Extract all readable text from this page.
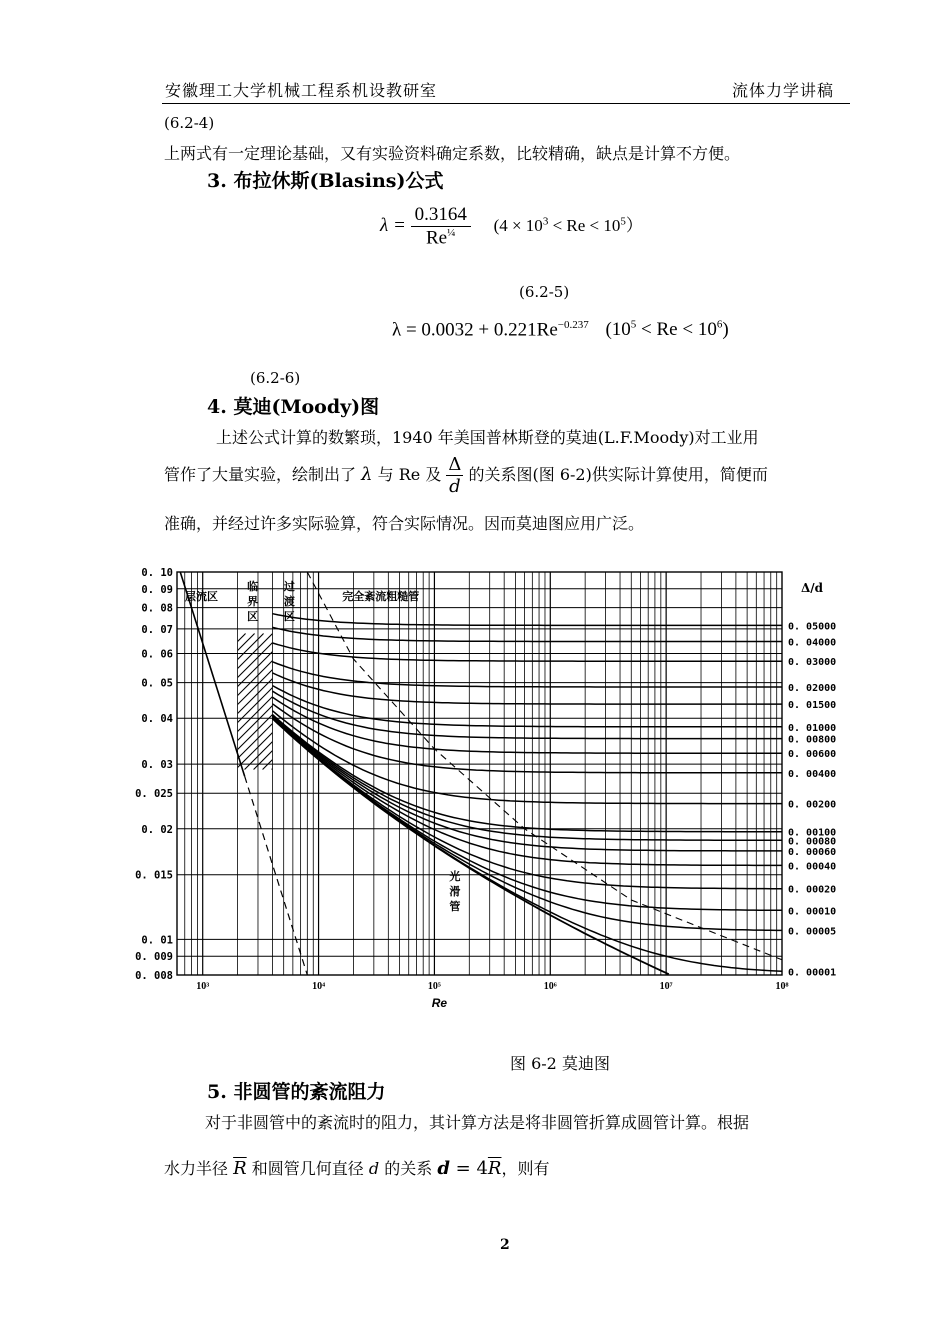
安徽理工大学机械工程系机设教研室	流体力学讲稿
(6.2-4)
上两式有一定理论基础，又有实验资料确定系数，比较精确，缺点是计算不方便。
3. 布拉休斯(Blasins)公式
$\lambda = \frac{0.3164}{Re^{\frac{1}{4}}} (4 \times 10^3 < Re < 10^5)$
(6.2-5)
$\lambda = 0.0032 + 0.221Re^{-0.237}$ $(10^5 < Re < 10^6)$
(6.2-6)
4. 莫迪(Moody)图
上述公式计算的数繁琐，1940 年美国普林斯登的莫迪(L.F.Moody)对工业用
管作了大量实验，绘制出了 λ 与 Re 及 $\frac{\Delta}{d}$ 的关系图(图 6-2)供实际计算使用，简便而
准确，并经过许多实际验算，符合实际情况。因而莫迪图应用广泛。
0. 10
0. 09
0. 08
0. 07
0. 06
0. 05
0. 04
0. 03
0. 025
0. 02
0. 015
0. 01
0. 009
0. 008
10³	10⁴	10⁵	10⁶	10⁷	10⁸
Re
0. 05000
0. 04000
0. 03000
0. 02000
0. 01500
0. 01000
0. 00800
0. 00600
0. 00400
0. 00200
0. 00100
0. 00080
0. 00060
0. 00040
0. 00020
0. 00010
0. 00005
0. 00001
层流区
临
界
区
过
渡
区
完全紊流粗糙管
光
滑
管
Δ/d
图 6-2 莫迪图
5. 非圆管的紊流阻力
对于非圆管中的紊流时的阻力，其计算方法是将非圆管折算成圆管计算。根据
水力半径 $\overline{R}$ 和圆管几何直径 d 的关系 $d = 4\overline{R}$，则有
2
